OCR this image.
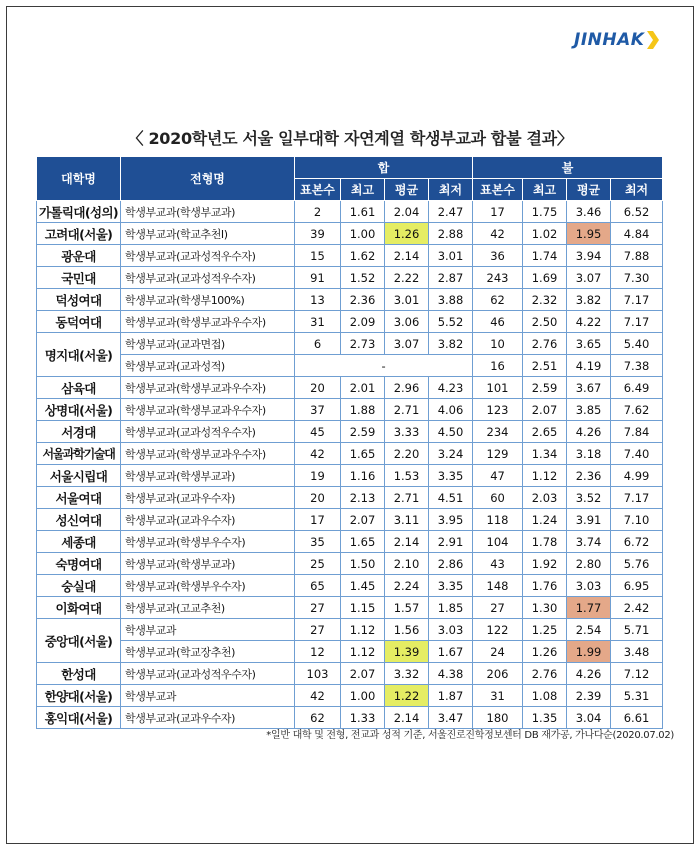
JINHAK
〈 2020학년도 서울 일부대학 자연계열 학생부교과 합불 결과〉
대학명	전형명	합				불			
		표본수	최고	평균	최저	표본수	최고	평균	최저
가톨릭대(성의)	학생부교과(학생부교과)	2	1.61	2.04	2.47	17	1.75	3.46	6.52
고려대(서울)	학생부교과(학교추천Ⅰ)	39	1.00	1.26	2.88	42	1.02	1.95	4.84
광운대	학생부교과(교과성적우수자)	15	1.62	2.14	3.01	36	1.74	3.94	7.88
국민대	학생부교과(교과성적우수자)	91	1.52	2.22	2.87	243	1.69	3.07	7.30
덕성여대	학생부교과(학생부100%)	13	2.36	3.01	3.88	62	2.32	3.82	7.17
동덕여대	학생부교과(학생부교과우수자)	31	2.09	3.06	5.52	46	2.50	4.22	7.17
명지대(서울)	학생부교과(교과면접)	6	2.73	3.07	3.82	10	2.76	3.65	5.40
	학생부교과(교과성적)	-				16	2.51	4.19	7.38
삼육대	학생부교과(학생부교과우수자)	20	2.01	2.96	4.23	101	2.59	3.67	6.49
상명대(서울)	학생부교과(학생부교과우수자)	37	1.88	2.71	4.06	123	2.07	3.85	7.62
서경대	학생부교과(교과성적우수자)	45	2.59	3.33	4.50	234	2.65	4.26	7.84
서울과학기술대	학생부교과(학생부교과우수자)	42	1.65	2.20	3.24	129	1.34	3.18	7.40
서울시립대	학생부교과(학생부교과)	19	1.16	1.53	3.35	47	1.12	2.36	4.99
서울여대	학생부교과(교과우수자)	20	2.13	2.71	4.51	60	2.03	3.52	7.17
성신여대	학생부교과(교과우수자)	17	2.07	3.11	3.95	118	1.24	3.91	7.10
세종대	학생부교과(학생부우수자)	35	1.65	2.14	2.91	104	1.78	3.74	6.72
숙명여대	학생부교과(학생부교과)	25	1.50	2.10	2.86	43	1.92	2.80	5.76
숭실대	학생부교과(학생부우수자)	65	1.45	2.24	3.35	148	1.76	3.03	6.95
이화여대	학생부교과(고교추천)	27	1.15	1.57	1.85	27	1.30	1.77	2.42
중앙대(서울)	학생부교과	27	1.12	1.56	3.03	122	1.25	2.54	5.71
	학생부교과(학교장추천)	12	1.12	1.39	1.67	24	1.26	1.99	3.48
한성대	학생부교과(교과성적우수자)	103	2.07	3.32	4.38	206	2.76	4.26	7.12
한양대(서울)	학생부교과	42	1.00	1.22	1.87	31	1.08	2.39	5.31
홍익대(서울)	학생부교과(교과우수자)	62	1.33	2.14	3.47	180	1.35	3.04	6.61
*일반 대학 및 전형, 전교과 성적 기준, 서울진로진학정보센터 DB 재가공, 가나다순(2020.07.02)
